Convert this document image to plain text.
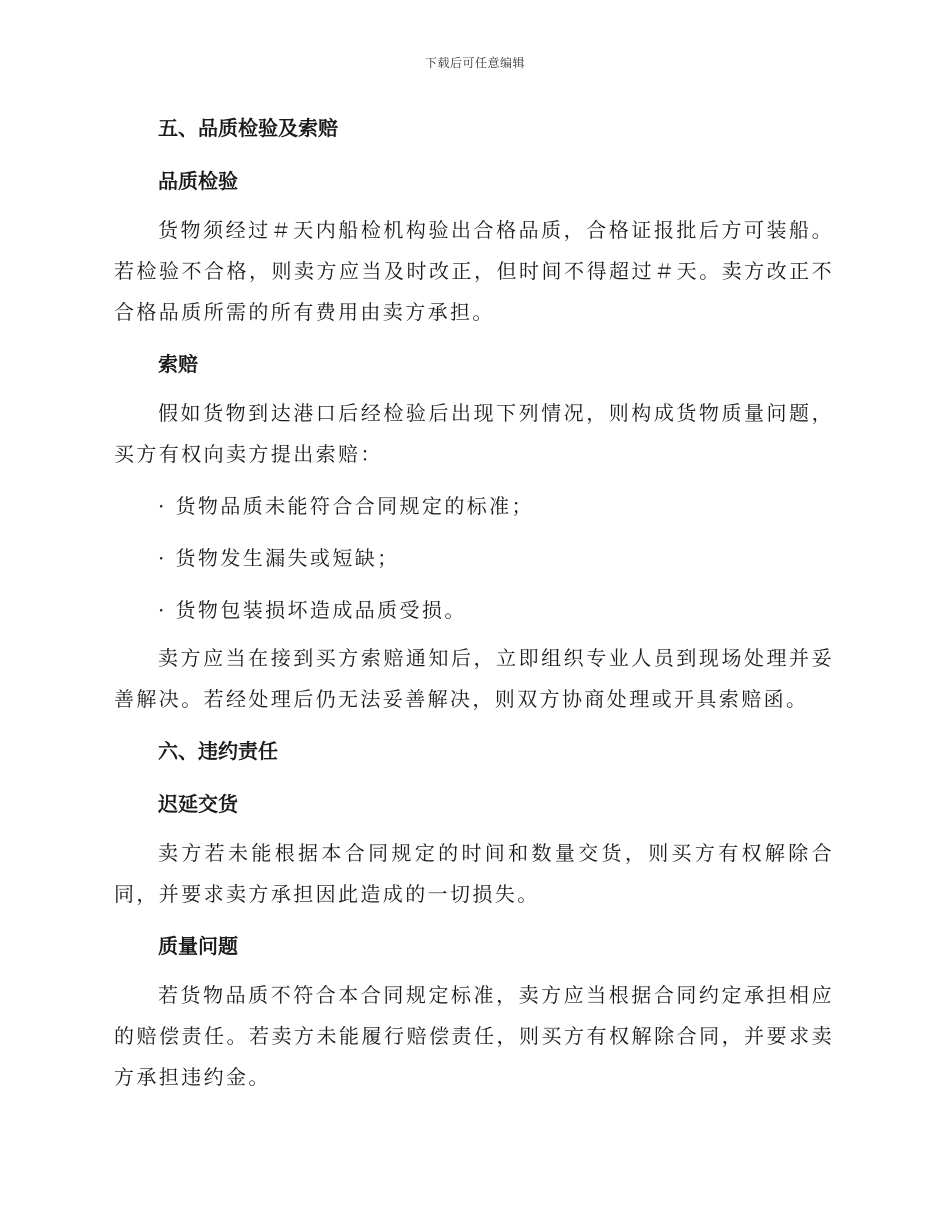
下载后可任意编辑
五、品质检验及索赔
品质检验

货物须经过＃天内船检机构验出合格品质，合格证报批后方可装船。若检验不合格，则卖方应当及时改正，但时间不得超过＃天。卖方改正不合格品质所需的所有费用由卖方承担。

索赔

假如货物到达港口后经检验后出现下列情况，则构成货物质量问题，买方有权向卖方提出索赔：

· 货物品质未能符合合同规定的标准；
· 货物发生漏失或短缺；
· 货物包装损坏造成品质受损。

卖方应当在接到买方索赔通知后，立即组织专业人员到现场处理并妥善解决。若经处理后仍无法妥善解决，则双方协商处理或开具索赔函。

六、违约责任
迟延交货

卖方若未能根据本合同规定的时间和数量交货，则买方有权解除合同，并要求卖方承担因此造成的一切损失。

质量问题

若货物品质不符合本合同规定标准，卖方应当根据合同约定承担相应的赔偿责任。若卖方未能履行赔偿责任，则买方有权解除合同，并要求卖方承担违约金。
